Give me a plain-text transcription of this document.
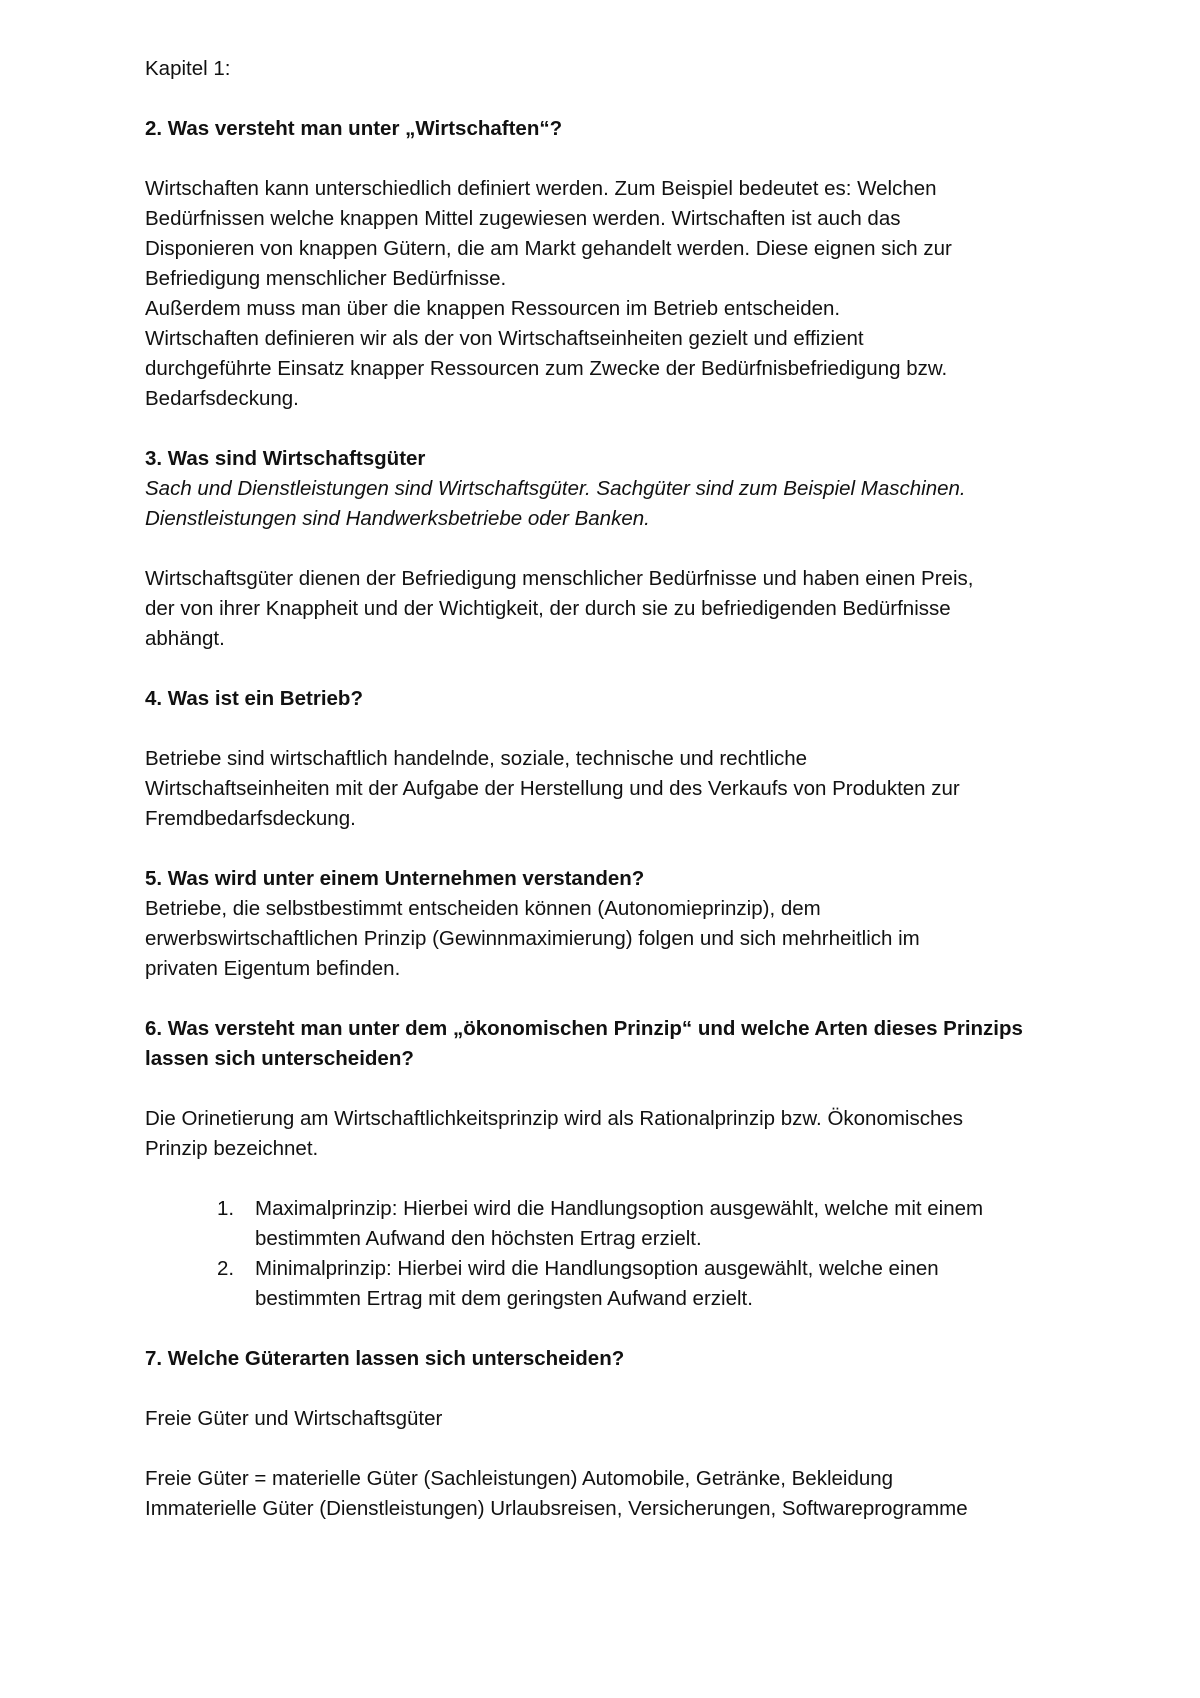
Kapitel 1:
2. Was versteht man unter „Wirtschaften“?
Wirtschaften kann unterschiedlich definiert werden. Zum Beispiel bedeutet es: Welchen
Bedürfnissen welche knappen Mittel zugewiesen werden. Wirtschaften ist auch das
Disponieren von knappen Gütern, die am Markt gehandelt werden. Diese eignen sich zur
Befriedigung menschlicher Bedürfnisse.
Außerdem muss man über die knappen Ressourcen im Betrieb entscheiden.
Wirtschaften definieren wir als der von Wirtschaftseinheiten gezielt und effizient
durchgeführte Einsatz knapper Ressourcen zum Zwecke der Bedürfnisbefriedigung bzw.
Bedarfsdeckung.
3. Was sind Wirtschaftsgüter
Sach und Dienstleistungen sind Wirtschaftsgüter. Sachgüter sind zum Beispiel Maschinen.
Dienstleistungen sind Handwerksbetriebe oder Banken.
Wirtschaftsgüter dienen der Befriedigung menschlicher Bedürfnisse und haben einen Preis,
der von ihrer Knappheit und der Wichtigkeit, der durch sie zu befriedigenden Bedürfnisse
abhängt.
4. Was ist ein Betrieb?
Betriebe sind wirtschaftlich handelnde, soziale, technische und rechtliche
Wirtschaftseinheiten mit der Aufgabe der Herstellung und des Verkaufs von Produkten zur
Fremdbedarfsdeckung.
5. Was wird unter einem Unternehmen verstanden?
Betriebe, die selbstbestimmt entscheiden können (Autonomieprinzip), dem
erwerbswirtschaftlichen Prinzip (Gewinnmaximierung) folgen und sich mehrheitlich im
privaten Eigentum befinden.
6. Was versteht man unter dem „ökonomischen Prinzip“ und welche Arten dieses Prinzips
lassen sich unterscheiden?
Die Orinetierung am Wirtschaftlichkeitsprinzip wird als Rationalprinzip bzw. Ökonomisches
Prinzip bezeichnet.
1. Maximalprinzip: Hierbei wird die Handlungsoption ausgewählt, welche mit einem
bestimmten Aufwand den höchsten Ertrag erzielt.
2. Minimalprinzip: Hierbei wird die Handlungsoption ausgewählt, welche einen
bestimmten Ertrag mit dem geringsten Aufwand erzielt.
7. Welche Güterarten lassen sich unterscheiden?
Freie Güter und Wirtschaftsgüter
Freie Güter = materielle Güter (Sachleistungen) Automobile, Getränke, Bekleidung
Immaterielle Güter (Dienstleistungen) Urlaubsreisen, Versicherungen, Softwareprogramme
